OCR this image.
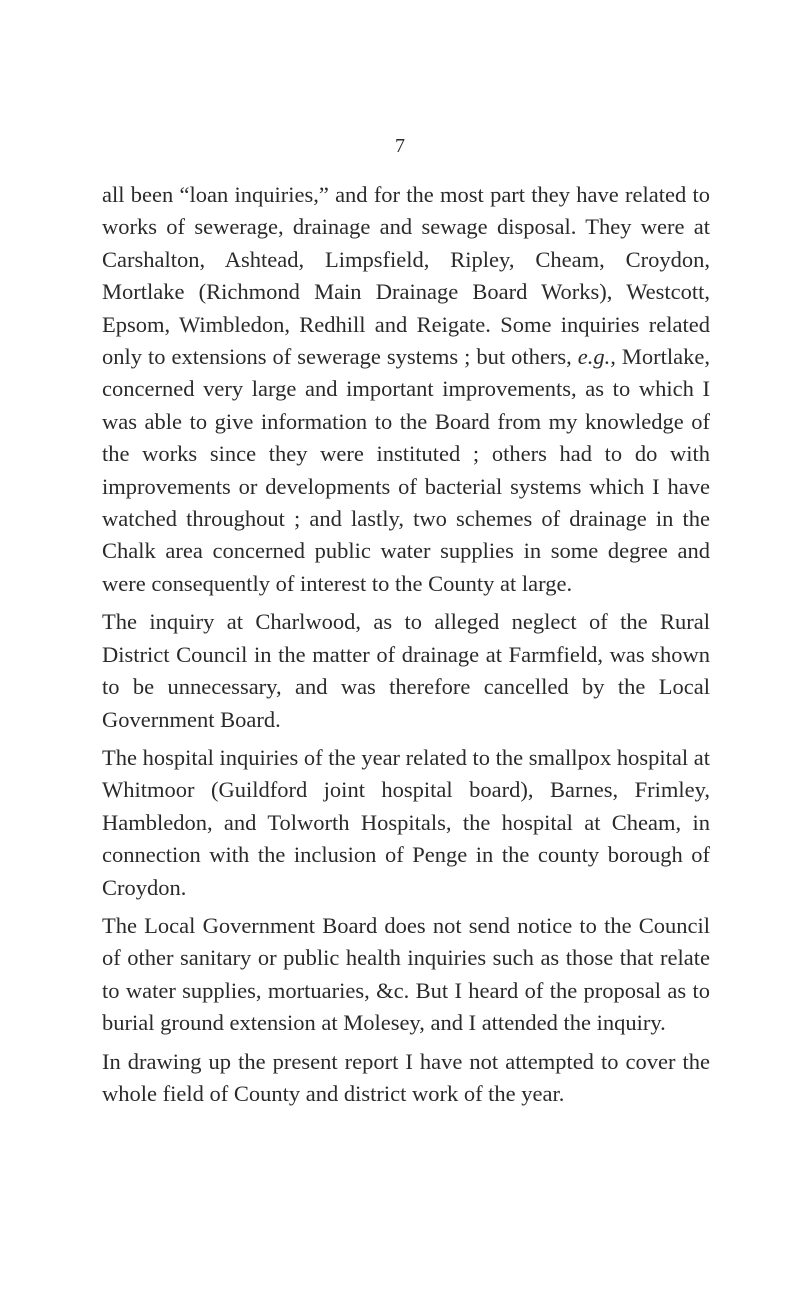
7

all been “loan inquiries,” and for the most part they have related to works of sewerage, drainage and sewage disposal. They were at Carshalton, Ashtead, Limpsfield, Ripley, Cheam, Croydon, Mortlake (Richmond Main Drainage Board Works), Westcott, Epsom, Wimbledon, Redhill and Reigate. Some inquiries related only to extensions of sewerage systems ; but others, e.g., Mortlake, concerned very large and important improvements, as to which I was able to give information to the Board from my knowledge of the works since they were instituted ; others had to do with improvements or developments of bacterial systems which I have watched throughout ; and lastly, two schemes of drainage in the Chalk area concerned public water supplies in some degree and were consequently of interest to the County at large.

The inquiry at Charlwood, as to alleged neglect of the Rural District Council in the matter of drainage at Farmfield, was shown to be unnecessary, and was therefore cancelled by the Local Government Board.

The hospital inquiries of the year related to the smallpox hospital at Whitmoor (Guildford joint hospital board), Barnes, Frimley, Hambledon, and Tolworth Hospitals, the hospital at Cheam, in connection with the inclusion of Penge in the county borough of Croydon.

The Local Government Board does not send notice to the Council of other sanitary or public health inquiries such as those that relate to water supplies, mortuaries, &c. But I heard of the proposal as to burial ground extension at Molesey, and I attended the inquiry.

In drawing up the present report I have not attempted to cover the whole field of County and district work of the year.
